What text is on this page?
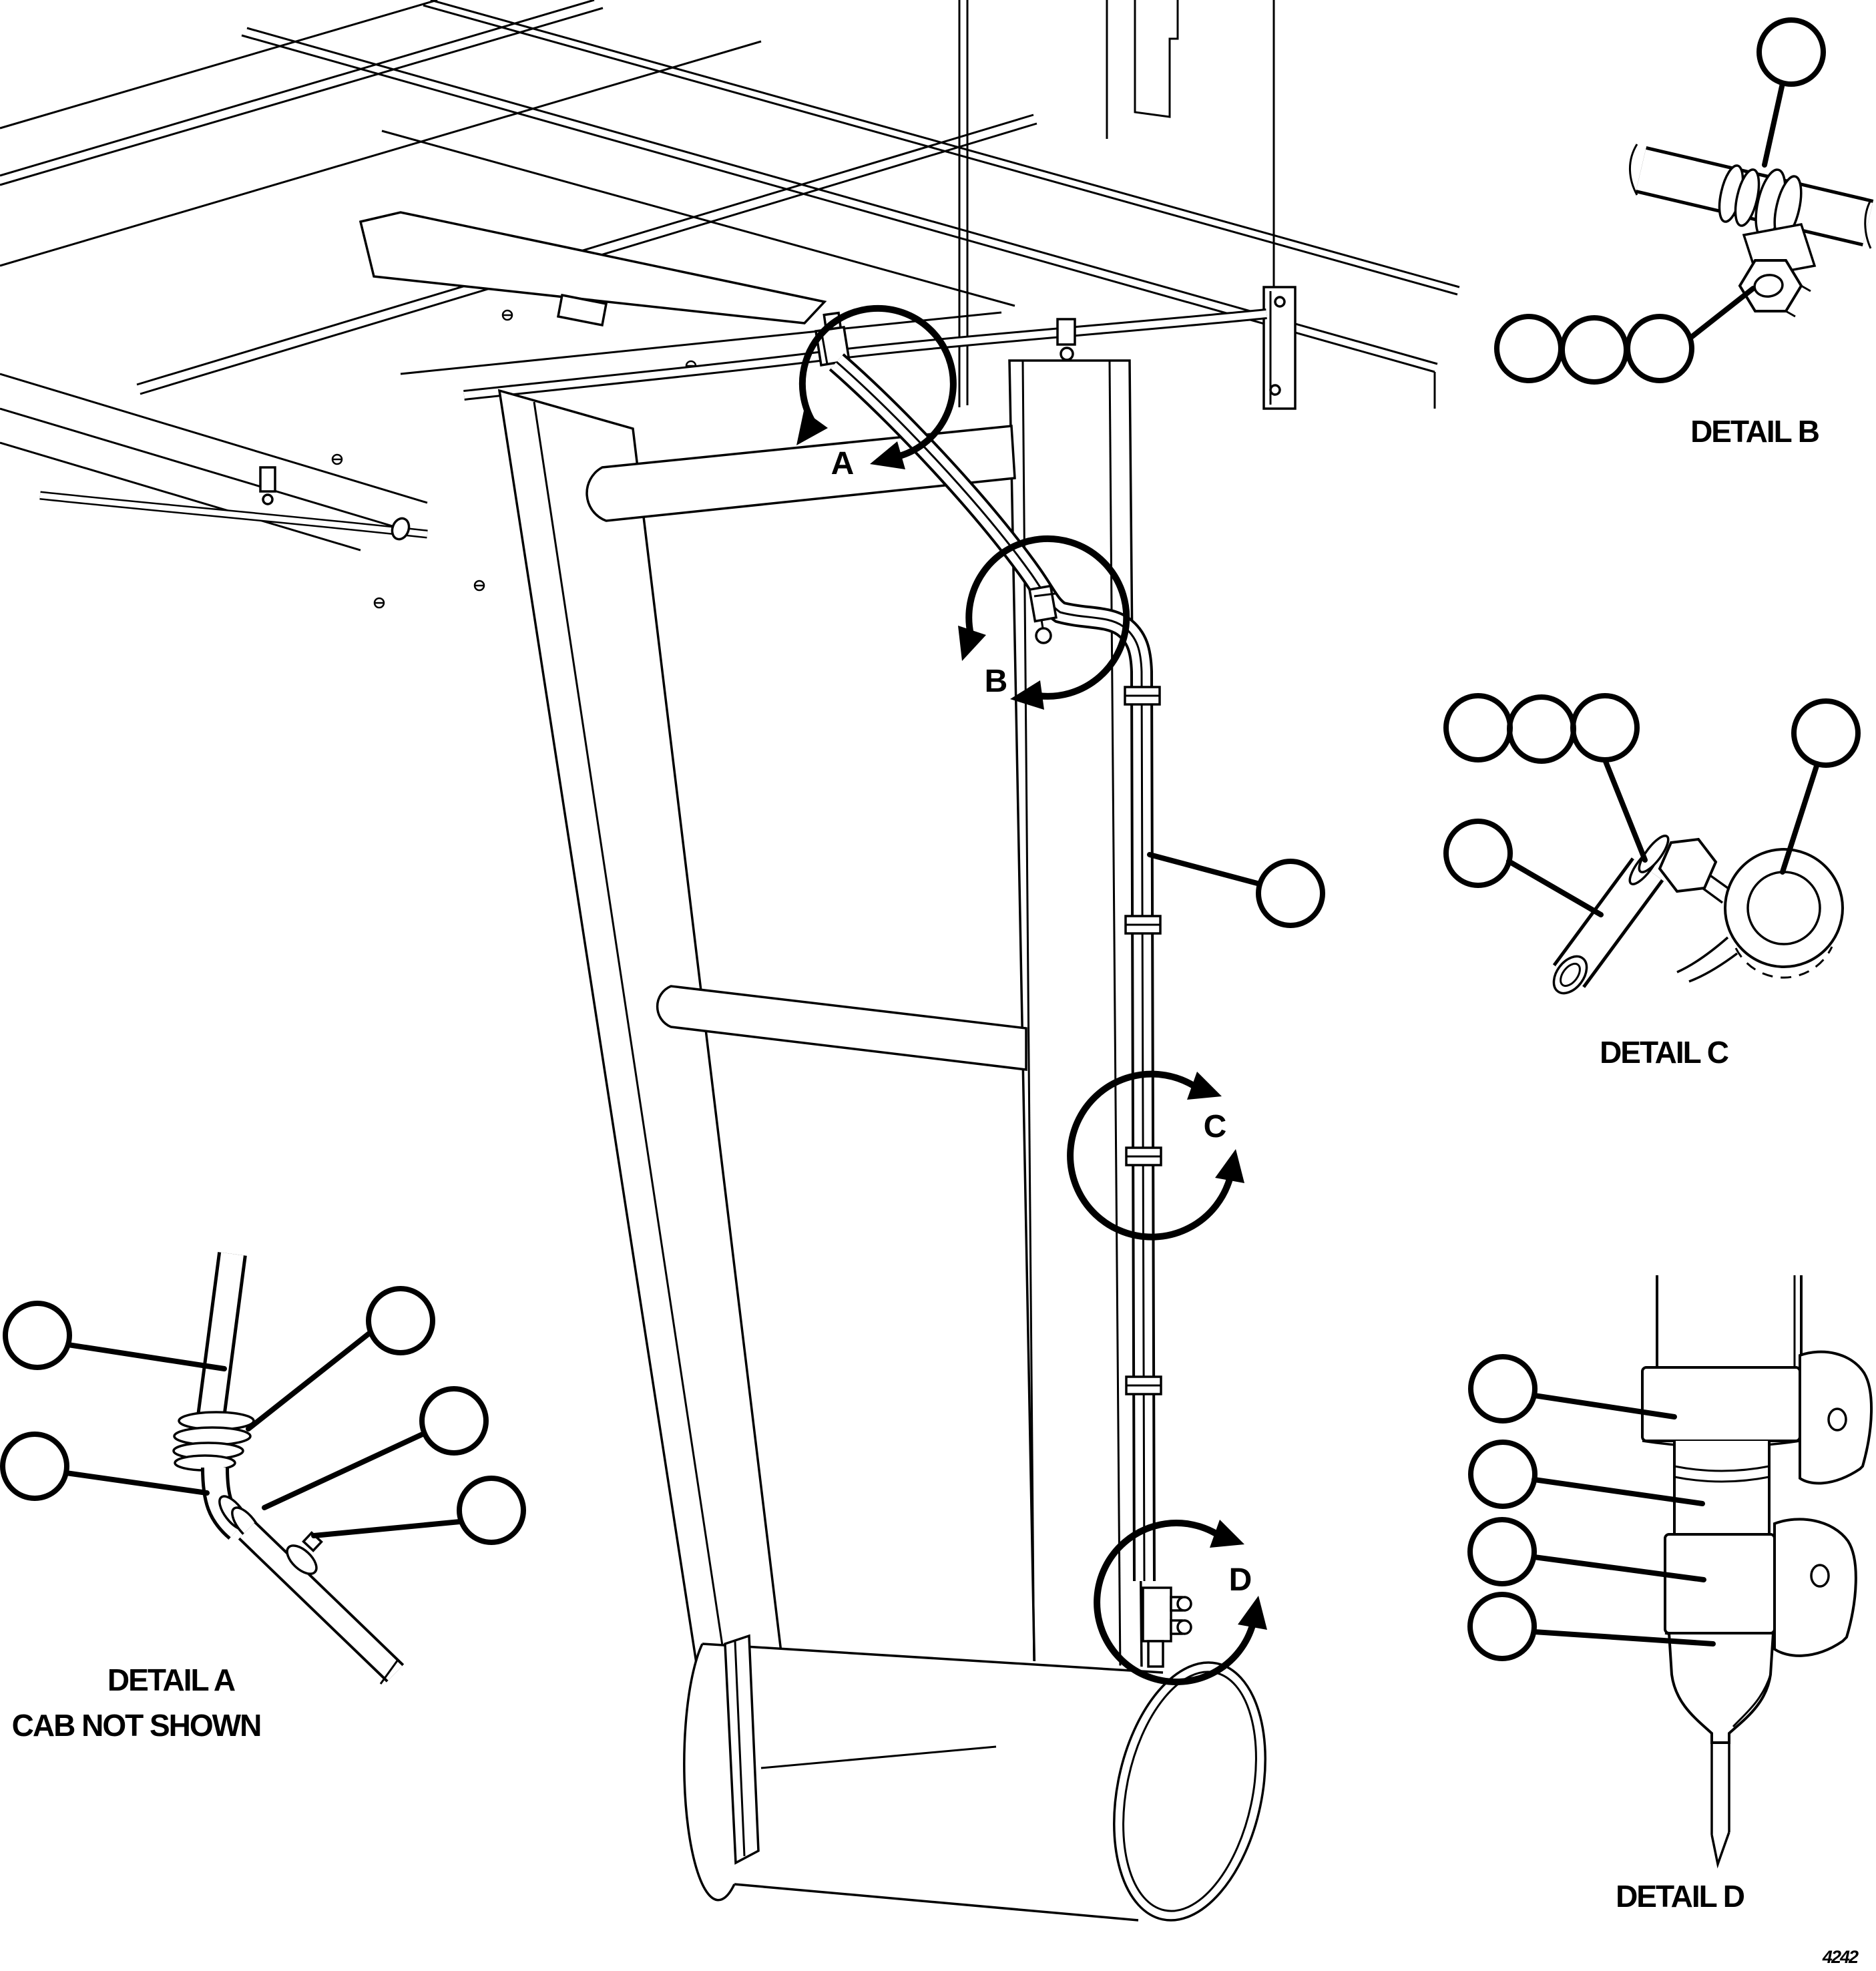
A
B
C
D
DETAIL A
CAB NOT SHOWN
DETAIL B
DETAIL C
DETAIL D
4242
